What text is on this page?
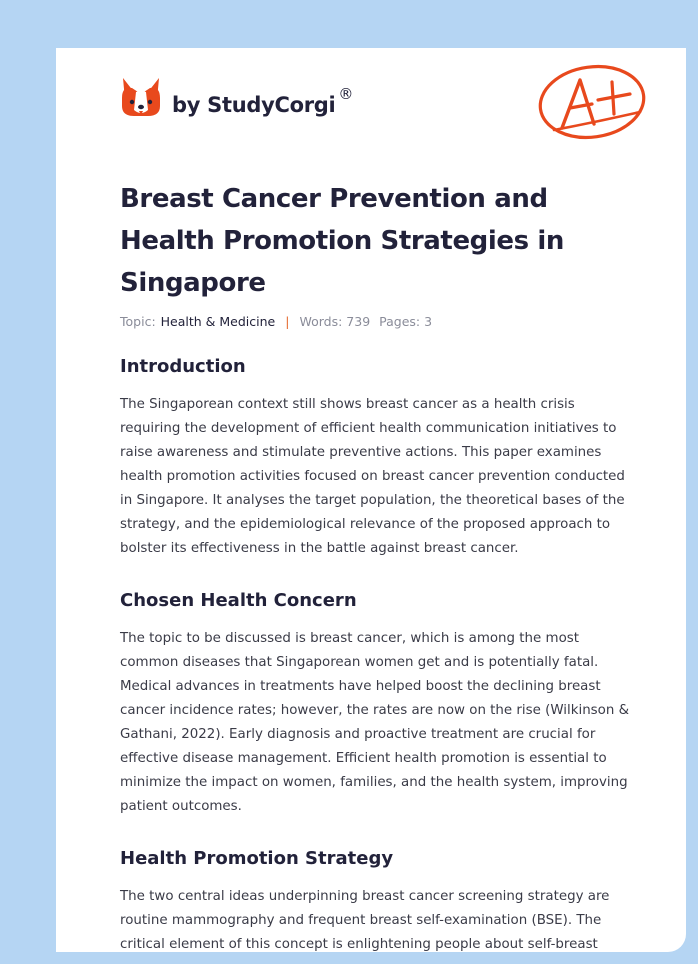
by StudyCorgi ®
Breast Cancer Prevention and Health Promotion Strategies in Singapore
Topic: Health & Medicine | Words: 739 Pages: 3
Introduction

The Singaporean context still shows breast cancer as a health crisis requiring the development of efficient health communication initiatives to raise awareness and stimulate preventive actions. This paper examines health promotion activities focused on breast cancer prevention conducted in Singapore. It analyses the target population, the theoretical bases of the strategy, and the epidemiological relevance of the proposed approach to bolster its effectiveness in the battle against breast cancer.

Chosen Health Concern

The topic to be discussed is breast cancer, which is among the most common diseases that Singaporean women get and is potentially fatal. Medical advances in treatments have helped boost the declining breast cancer incidence rates; however, the rates are now on the rise (Wilkinson & Gathani, 2022). Early diagnosis and proactive treatment are crucial for effective disease management. Efficient health promotion is essential to minimize the impact on women, families, and the health system, improving patient outcomes.

Health Promotion Strategy

The two central ideas underpinning breast cancer screening strategy are routine mammography and frequent breast self-examination (BSE). The critical element of this concept is enlightening people about self-breast
